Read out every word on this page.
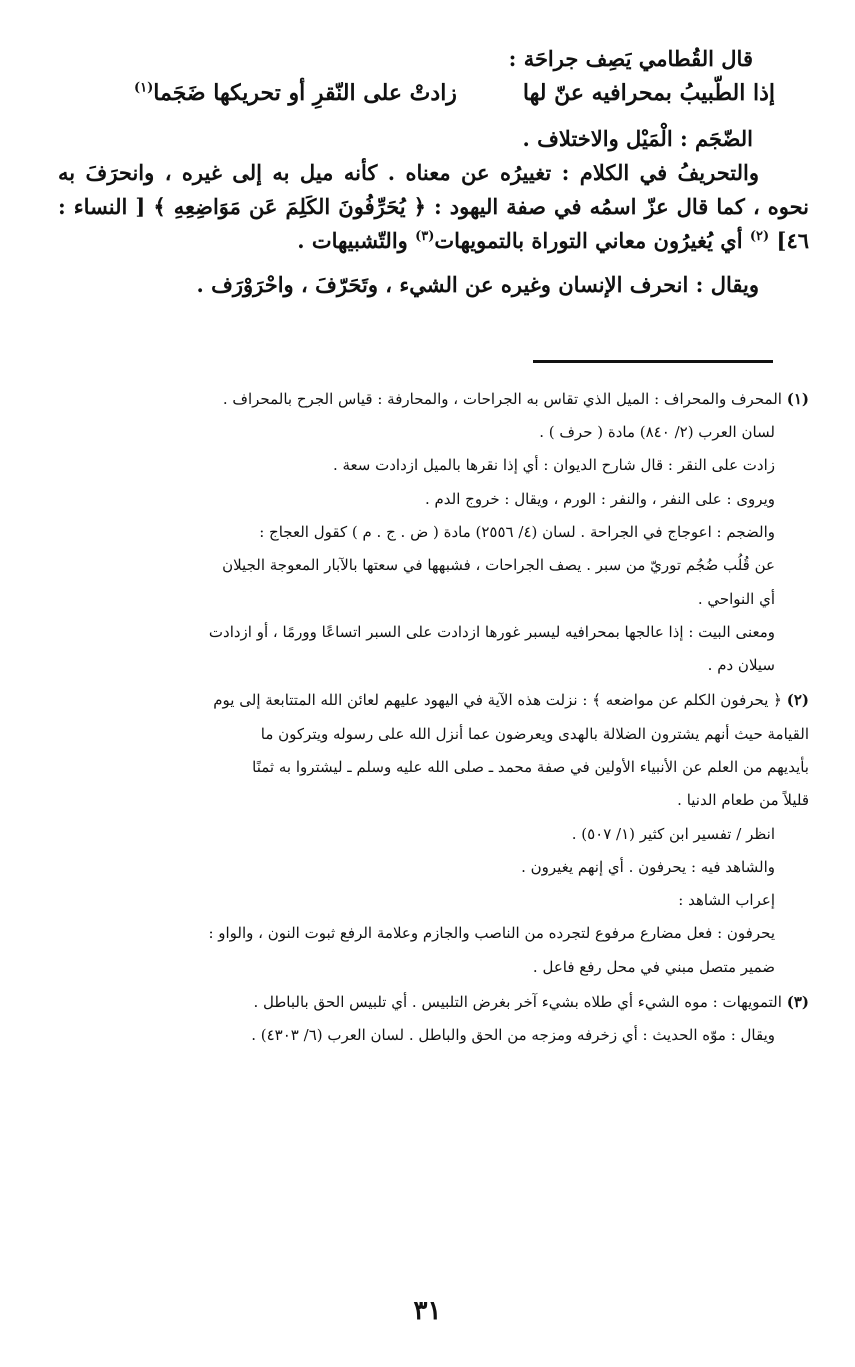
قال القُطامي يَصِف جراحَة :

إذا الطّبيبُ بمحرافيه عنّ لها
زادتْ على النّقرِ أو تحريكها ضَجَما$^{(١)}$

الضّجَم : الْمَيْل والاختلاف .

والتحريفُ في الكلام : تغييرُه عن معناه . كأنه ميل به إلى غيره ، وانحرَفَ به نحوه ، كما قال عزّ اسمُه في صفة اليهود : ﴿ يُحَرِّفُونَ الكَلِمَ عَن مَوَاضِعِهِ ﴾ [ النساء : ٤٦] $^{(٢)}$ أي يُغيرُون معاني التوراة بالتمويهات$^{(٣)}$ والتّشبيهات .

ويقال : انحرف الإنسان وغيره عن الشيء ، وتَحَرّفَ ، واحْرَوْرَف .

(١) المحرف والمحراف : الميل الذي تقاس به الجراحات ، والمحارفة : قياس الجرح بالمحراف .
لسان العرب (٢/ ٨٤٠) مادة ( حرف ) .
زادت على النقر : قال شارح الديوان : أي إذا نقرها بالميل ازدادت سعة .
ويروى : على النفر ، والنفر : الورم ، ويقال : خروج الدم .
والضجم : اعوجاج في الجراحة . لسان (٤/ ٢٥٥٦) مادة ( ض . ج . م ) كقول العجاج :
عن قُلُب ضُجُم توريّ من سبر . يصف الجراحات ، فشبهها في سعتها بالآبار المعوجة الجيلان
أي النواحي .
ومعنى البيت : إذا عالجها بمحرافيه ليسبر غورها ازدادت على السبر اتساعًا وورمًا ، أو ازدادت
سيلان دم .
(٢) ﴿ يحرفون الكلم عن مواضعه ﴾ : نزلت هذه الآية في اليهود عليهم لعائن الله المتتابعة إلى يوم
القيامة حيث أنهم يشترون الضلالة بالهدى ويعرضون عما أنزل الله على رسوله ويتركون ما
بأيديهم من العلم عن الأنبياء الأولين في صفة محمد ـ صلى الله عليه وسلم ـ ليشتروا به ثمنًا
قليلاً من طعام الدنيا .
انظر / تفسير ابن كثير (١/ ٥٠٧) .
والشاهد فيه : يحرفون . أي إنهم يغيرون .
إعراب الشاهد :
يحرفون : فعل مضارع مرفوع لتجرده من الناصب والجازم وعلامة الرفع ثبوت النون ، والواو :
ضمير متصل مبني في محل رفع فاعل .
(٣) التمويهات : موه الشيء أي طلاه بشيء آخر بغرض التلبيس . أي تلبيس الحق بالباطل .
ويقال : موّه الحديث : أي زخرفه ومزجه من الحق والباطل . لسان العرب (٦/ ٤٣٠٣) .
٣١
